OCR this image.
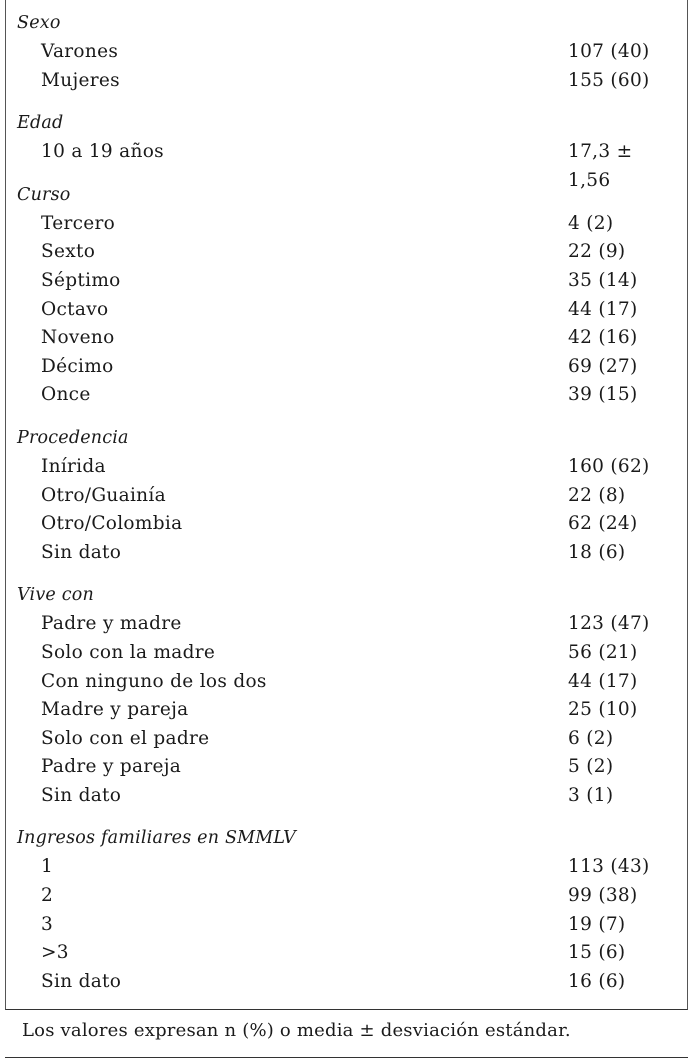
Sexo
Varones	107 (40)
Mujeres	155 (60)
Edad
10 a 19 años	17,3 ± 1,56
Curso
Tercero	4 (2)
Sexto	22 (9)
Séptimo	35 (14)
Octavo	44 (17)
Noveno	42 (16)
Décimo	69 (27)
Once	39 (15)
Procedencia
Inírida	160 (62)
Otro/Guainía	22 (8)
Otro/Colombia	62 (24)
Sin dato	18 (6)
Vive con
Padre y madre	123 (47)
Solo con la madre	56 (21)
Con ninguno de los dos	44 (17)
Madre y pareja	25 (10)
Solo con el padre	6 (2)
Padre y pareja	5 (2)
Sin dato	3 (1)
Ingresos familiares en SMMLV
1	113 (43)
2	99 (38)
3	19 (7)
>3	15 (6)
Sin dato	16 (6)
Los valores expresan n (%) o media ± desviación estándar.
